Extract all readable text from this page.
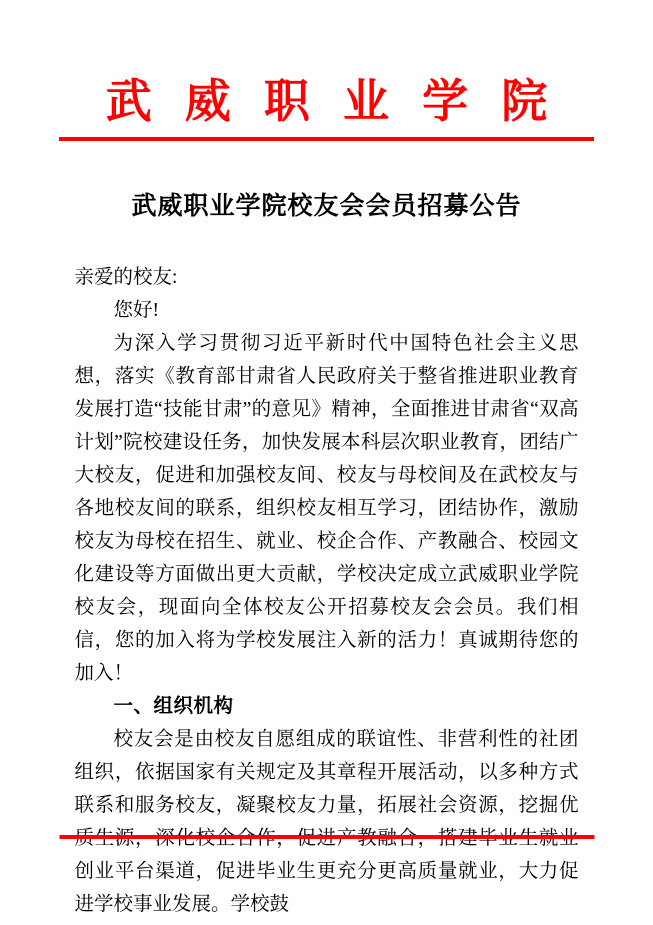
武威职业学院
武威职业学院校友会会员招募公告

亲爱的校友:

您好!

为深入学习贯彻习近平新时代中国特色社会主义思想，落实《教育部甘肃省人民政府关于整省推进职业教育发展打造“技能甘肃”的意见》精神，全面推进甘肃省“双高计划”院校建设任务，加快发展本科层次职业教育，团结广大校友，促进和加强校友间、校友与母校间及在武校友与各地校友间的联系，组织校友相互学习，团结协作，激励校友为母校在招生、就业、校企合作、产教融合、校园文化建设等方面做出更大贡献，学校决定成立武威职业学院校友会，现面向全体校友公开招募校友会会员。我们相信，您的加入将为学校发展注入新的活力！真诚期待您的加入！

一、组织机构

校友会是由校友自愿组成的联谊性、非营利性的社团组织，依据国家有关规定及其章程开展活动，以多种方式联系和服务校友，凝聚校友力量，拓展社会资源，挖掘优质生源，深化校企合作，促进产教融合，搭建毕业生就业创业平台渠道，促进毕业生更充分更高质量就业，大力促进学校事业发展。学校鼓
